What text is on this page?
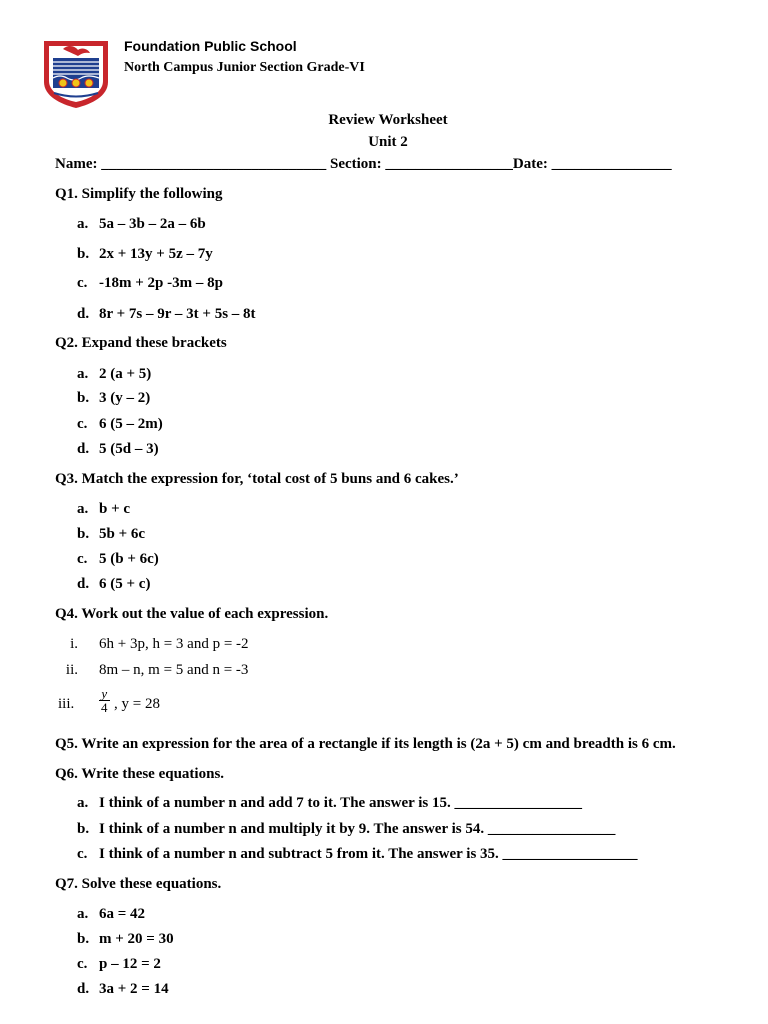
Foundation Public School
North Campus Junior Section Grade-VI
Review Worksheet
Unit 2
Name: ______________________________ Section: _________________Date: ________________
Q1. Simplify the following
a. 5a – 3b – 2a – 6b
b. 2x + 13y + 5z – 7y
c. -18m + 2p -3m – 8p
d. 8r + 7s – 9r – 3t + 5s – 8t
Q2. Expand these brackets
a. 2 (a + 5)
b. 3 (y – 2)
c. 6 (5 – 2m)
d. 5 (5d – 3)
Q3. Match the expression for, ‘total cost of 5 buns and 6 cakes.’
a. b + c
b. 5b + 6c
c. 5 (b + 6c)
d. 6 (5 + c)
Q4. Work out the value of each expression.
i. 6h + 3p, h = 3 and p = -2
ii. 8m – n, m = 5 and n = -3
iii. $\frac{y}{4}$ , y = 28
Q5. Write an expression for the area of a rectangle if its length is (2a + 5) cm and breadth is 6 cm.
Q6. Write these equations.
a. I think of a number n and add 7 to it. The answer is 15. _________________
b. I think of a number n and multiply it by 9. The answer is 54. _________________
c. I think of a number n and subtract 5 from it. The answer is 35. __________________
Q7. Solve these equations.
a. 6a = 42
b. m + 20 = 30
c. p – 12 = 2
d. 3a + 2 = 14
